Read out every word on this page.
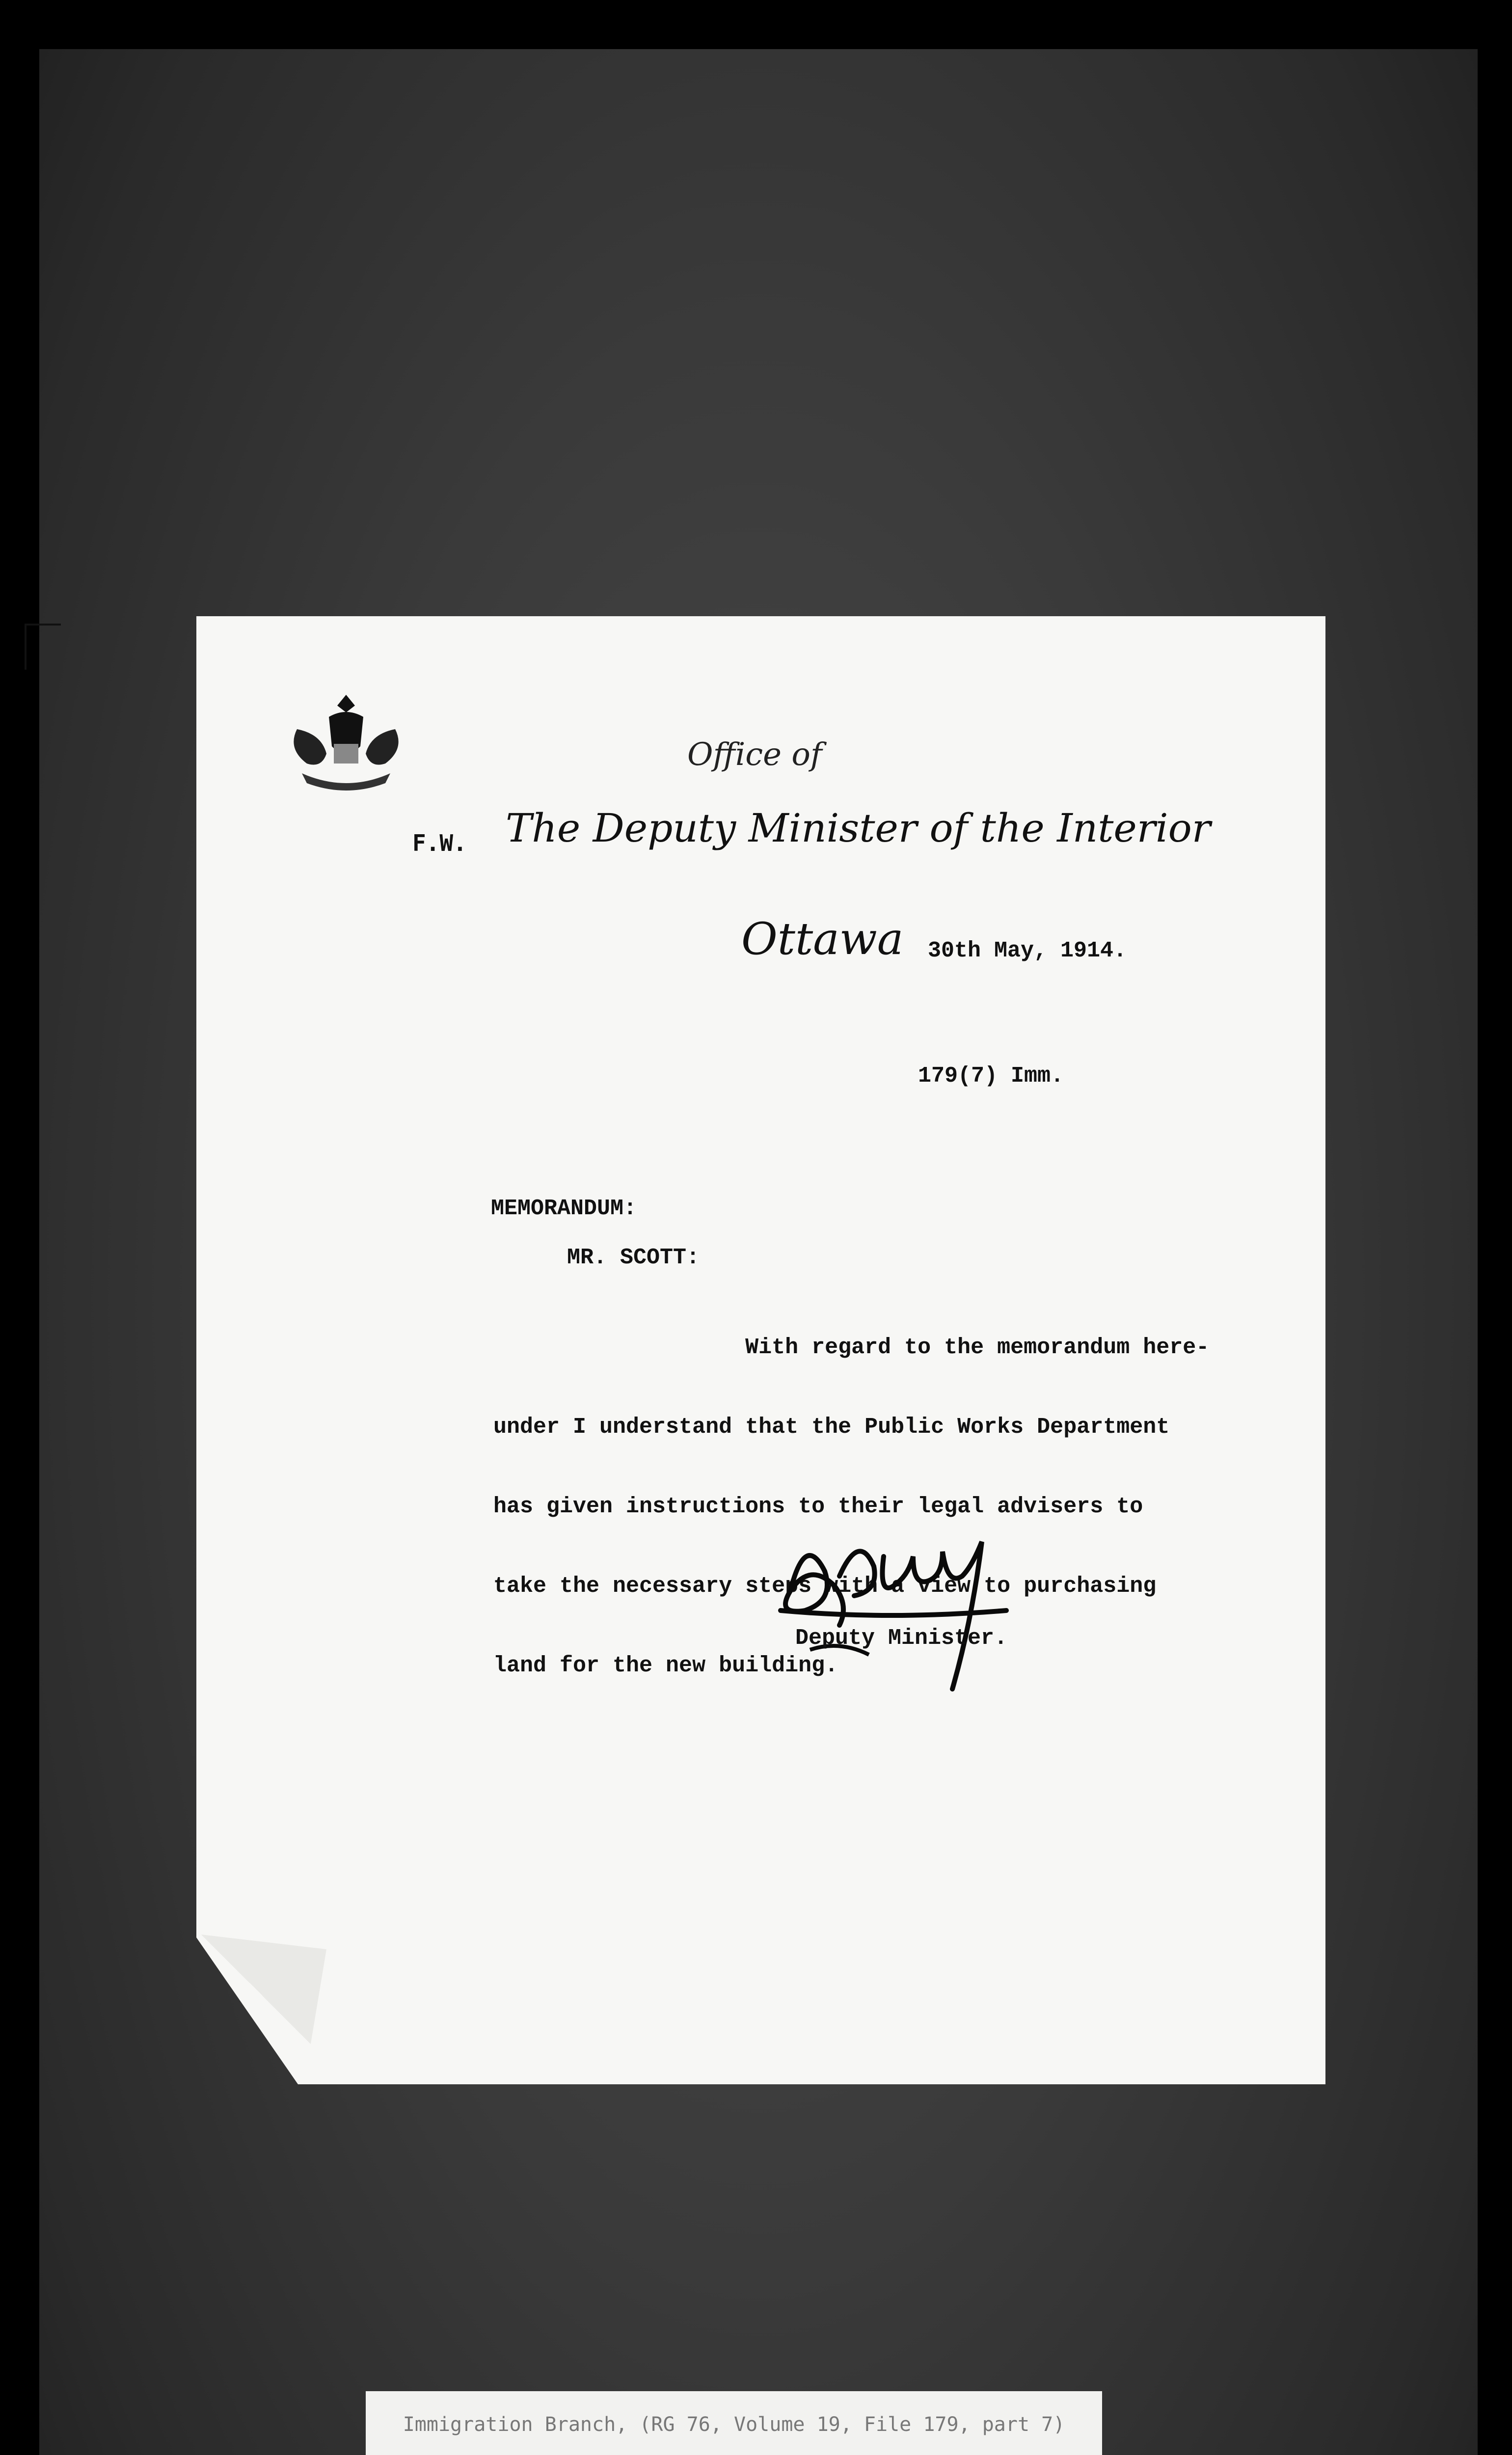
Office of
F.W. The Deputy Minister of the Interior
Ottawa 30th May, 1914.
179(7) Imm.
MEMORANDUM:
MR. SCOTT:

With regard to the memorandum here-

under I understand that the Public Works Department

has given instructions to their legal advisers to

take the necessary steps with a view to purchasing

land for the new building.

Deputy Minister.
Immigration Branch, (RG 76, Volume 19, File 179, part 7)
